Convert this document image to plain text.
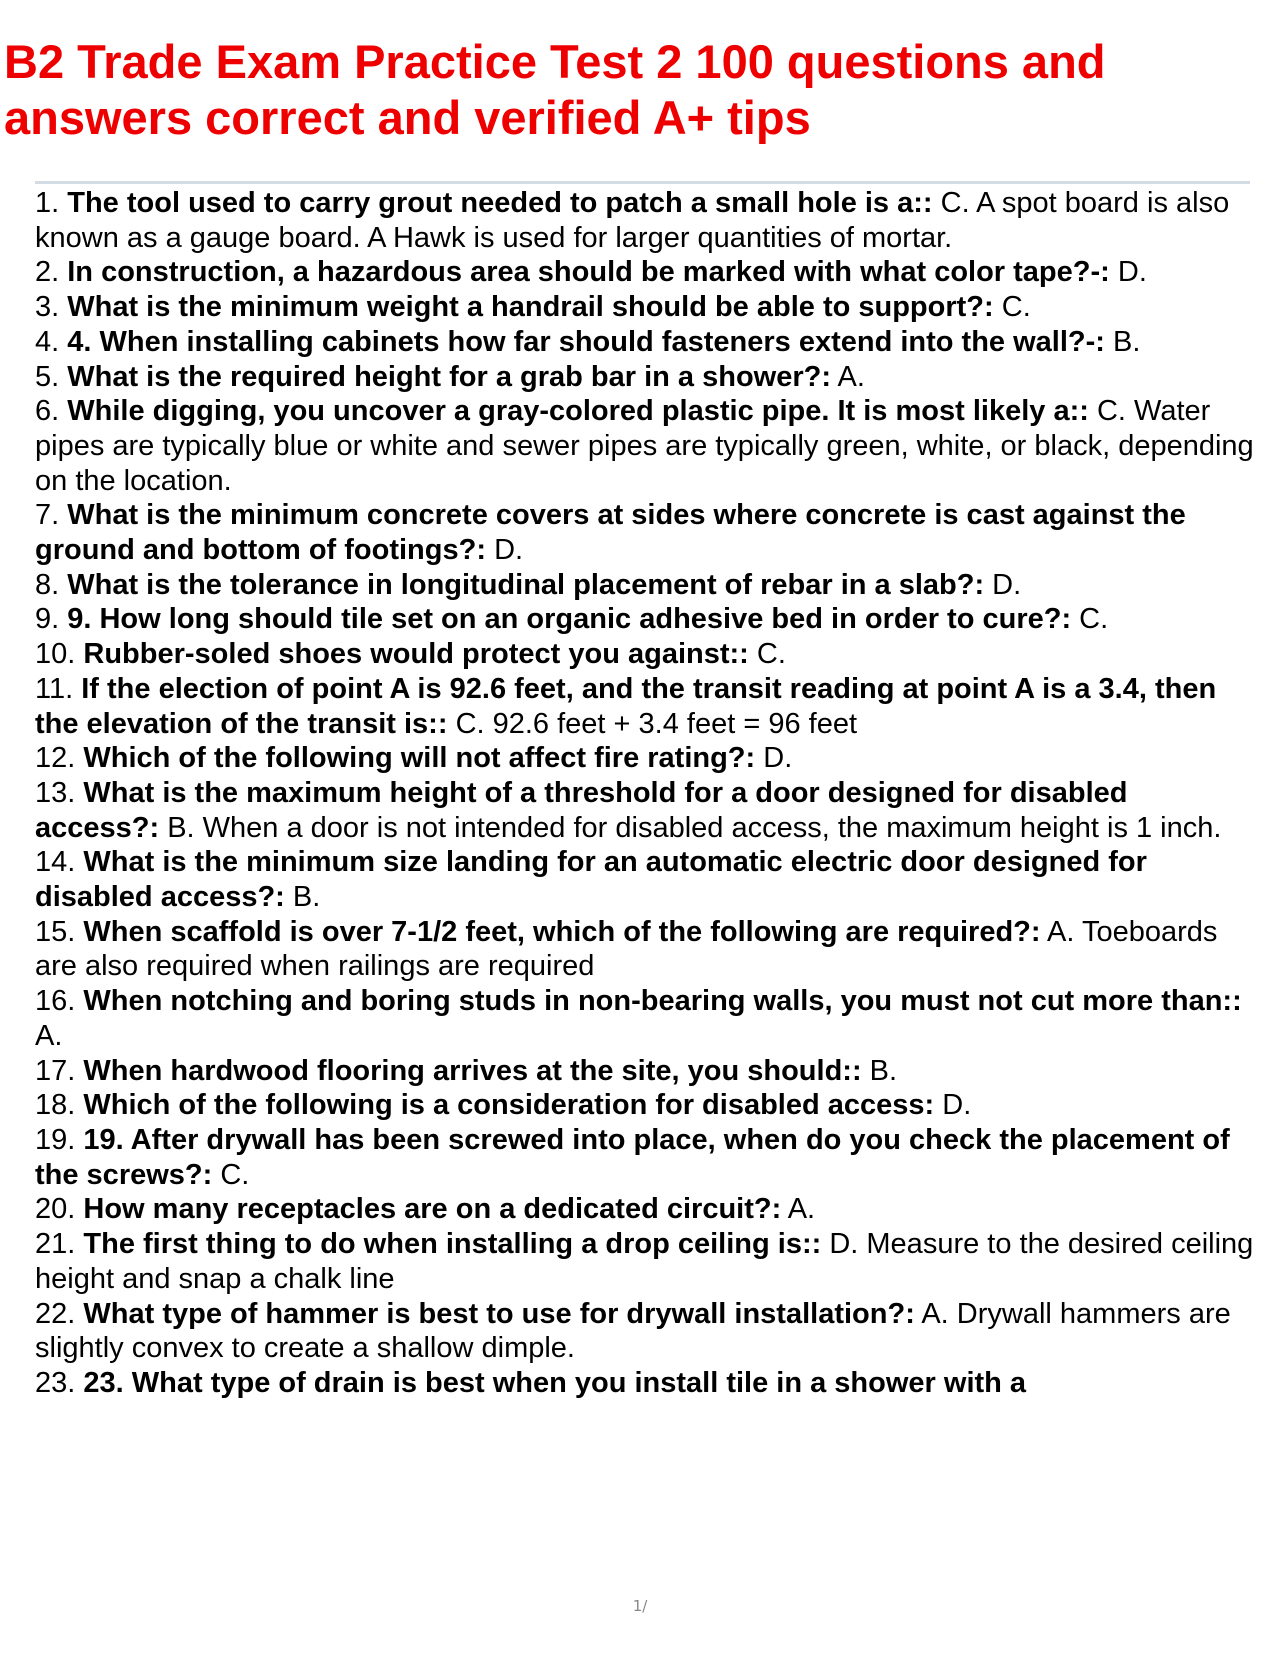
B2 Trade Exam Practice Test 2 100 questions and answers correct and verified A+ tips

1. The tool used to carry grout needed to patch a small hole is a:: C. A spot board is also known as a gauge board. A Hawk is used for larger quantities of mortar.

2. In construction, a hazardous area should be marked with what color tape?-: D.

3. What is the minimum weight a handrail should be able to support?: C.

4. 4. When installing cabinets how far should fasteners extend into the wall?-: B.

5. What is the required height for a grab bar in a shower?: A.

6. While digging, you uncover a gray-colored plastic pipe. It is most likely a:: C. Water pipes are typically blue or white and sewer pipes are typically green, white, or black, depending on the location.

7. What is the minimum concrete covers at sides where concrete is cast against the ground and bottom of footings?: D.

8. What is the tolerance in longitudinal placement of rebar in a slab?: D.

9. 9. How long should tile set on an organic adhesive bed in order to cure?: C.

10. Rubber-soled shoes would protect you against:: C.

11. If the election of point A is 92.6 feet, and the transit reading at point A is a 3.4, then the elevation of the transit is:: C. 92.6 feet + 3.4 feet = 96 feet

12. Which of the following will not affect fire rating?: D.

13. What is the maximum height of a threshold for a door designed for disabled access?: B. When a door is not intended for disabled access, the maximum height is 1 inch.

14. What is the minimum size landing for an automatic electric door designed for disabled access?: B.

15. When scaffold is over 7-1/2 feet, which of the following are required?: A. Toeboards are also required when railings are required

16. When notching and boring studs in non-bearing walls, you must not cut more than:: A.

17. When hardwood flooring arrives at the site, you should:: B.

18. Which of the following is a consideration for disabled access: D.

19. 19. After drywall has been screwed into place, when do you check the placement of the screws?: C.

20. How many receptacles are on a dedicated circuit?: A.

21. The first thing to do when installing a drop ceiling is:: D. Measure to the desired ceiling height and snap a chalk line

22. What type of hammer is best to use for drywall installation?: A. Drywall hammers are slightly convex to create a shallow dimple.

23. 23. What type of drain is best when you install tile in a shower with a

1/
